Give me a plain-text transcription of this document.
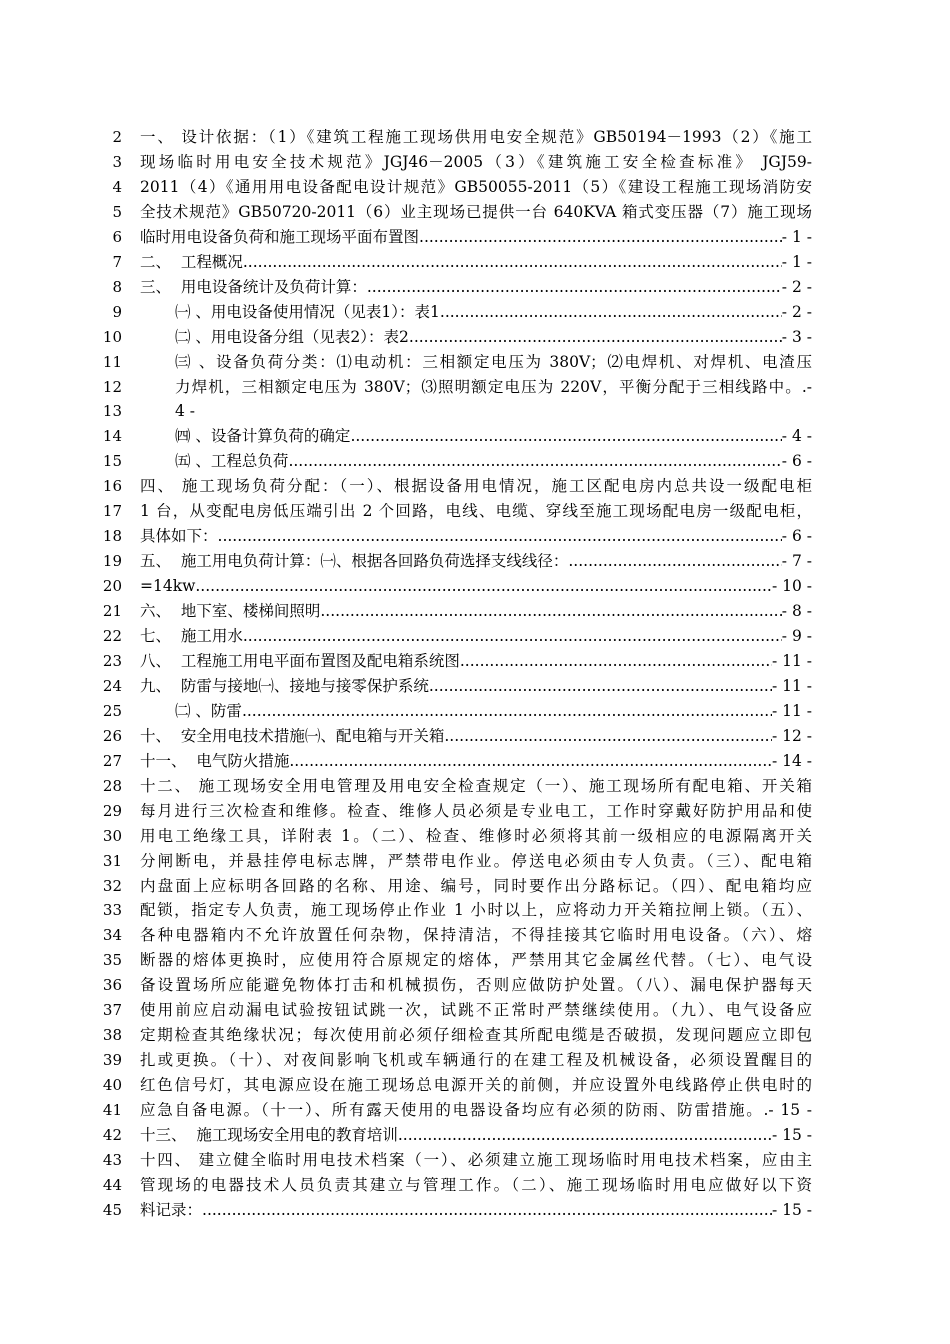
2 一、 设计依据：（1）《建筑工程施工现场供用电安全规范》GB50194－1993（2）《施工
3 现场临时用电安全技术规范》JGJ46－2005（3）《建筑施工安全检查标准》 JGJ59-
4 2011（4）《通用用电设备配电设计规范》GB50055-2011（5）《建设工程施工现场消防安
5 全技术规范》GB50720-2011（6）业主现场已提供一台 640KVA 箱式变压器（7）施工现场
6 临时用电设备负荷和施工现场平面布置图 .....	- 1 -
7 二、  工程概况 .....	- 1 -
8 三、  用电设备统计及负荷计算： .....	- 2 -
9	㈠ 、用电设备使用情况（见表1）：表1 .....	- 2 -
10	㈡ 、用电设备分组（见表2）：表2 .....	- 3 -
11	㈢ 、设备负荷分类：⑴电动机：三相额定电压为 380V；⑵电焊机、对焊机、电渣压
12	力焊机，三相额定电压为 380V；⑶照明额定电压为 220V，平衡分配于三相线路中。.-
13	4 -
14	㈣ 、设备计算负荷的确定 .....	- 4 -
15	㈤ 、工程总负荷 .....	- 6 -
16 四、 施工现场负荷分配：（一）、根据设备用电情况，施工区配电房内总共设一级配电柜
17 1 台，从变配电房低压端引出 2 个回路，电线、电缆、穿线至施工现场配电房一级配电柜，
18 具体如下： .....	- 6 -
19 五、  施工用电负荷计算：㈠、根据各回路负荷选择支线线径： .....	- 7 -
20 =14kw .....	- 10 -
21 六、  地下室、楼梯间照明 .....	- 8 -
22 七、  施工用水 .....	- 9 -
23 八、  工程施工用电平面布置图及配电箱系统图 .....	- 11 -
24 九、  防雷与接地㈠、接地与接零保护系统 .....	- 11 -
25	㈡ 、防雷 .....	- 11 -
26 十、  安全用电技术措施㈠、配电箱与开关箱 .....	- 12 -
27 十一、  电气防火措施 .....	- 14 -
28 十二、 施工现场安全用电管理及用电安全检查规定（一）、施工现场所有配电箱、开关箱
29 每月进行三次检查和维修。检查、维修人员必须是专业电工，工作时穿戴好防护用品和使
30 用电工绝缘工具，详附表 1。（二）、检查、维修时必须将其前一级相应的电源隔离开关
31 分闸断电，并悬挂停电标志牌，严禁带电作业。停送电必须由专人负责。（三）、配电箱
32 内盘面上应标明各回路的名称、用途、编号，同时要作出分路标记。（四）、配电箱均应
33 配锁，指定专人负责，施工现场停止作业 1 小时以上，应将动力开关箱拉闸上锁。（五）、
34 各种电器箱内不允许放置任何杂物，保持清洁，不得挂接其它临时用电设备。（六）、熔
35 断器的熔体更换时，应使用符合原规定的熔体，严禁用其它金属丝代替。（七）、电气设
36 备设置场所应能避免物体打击和机械损伤，否则应做防护处置。（八）、漏电保护器每天
37 使用前应启动漏电试验按钮试跳一次，试跳不正常时严禁继续使用。（九）、电气设备应
38 定期检查其绝缘状况；每次使用前必须仔细检查其所配电缆是否破损，发现问题应立即包
39 扎或更换。（十）、对夜间影响飞机或车辆通行的在建工程及机械设备，必须设置醒目的
40 红色信号灯，其电源应设在施工现场总电源开关的前侧，并应设置外电线路停止供电时的
41 应急自备电源。（十一）、所有露天使用的电器设备均应有必须的防雨、防雷措施。.- 15 -
42 十三、  施工现场安全用电的教育培训 .....	- 15 -
43 十四、 建立健全临时用电技术档案（一）、必须建立施工现场临时用电技术档案，应由主
44 管现场的电器技术人员负责其建立与管理工作。（二）、施工现场临时用电应做好以下资
45 料记录： .....	- 15 -
